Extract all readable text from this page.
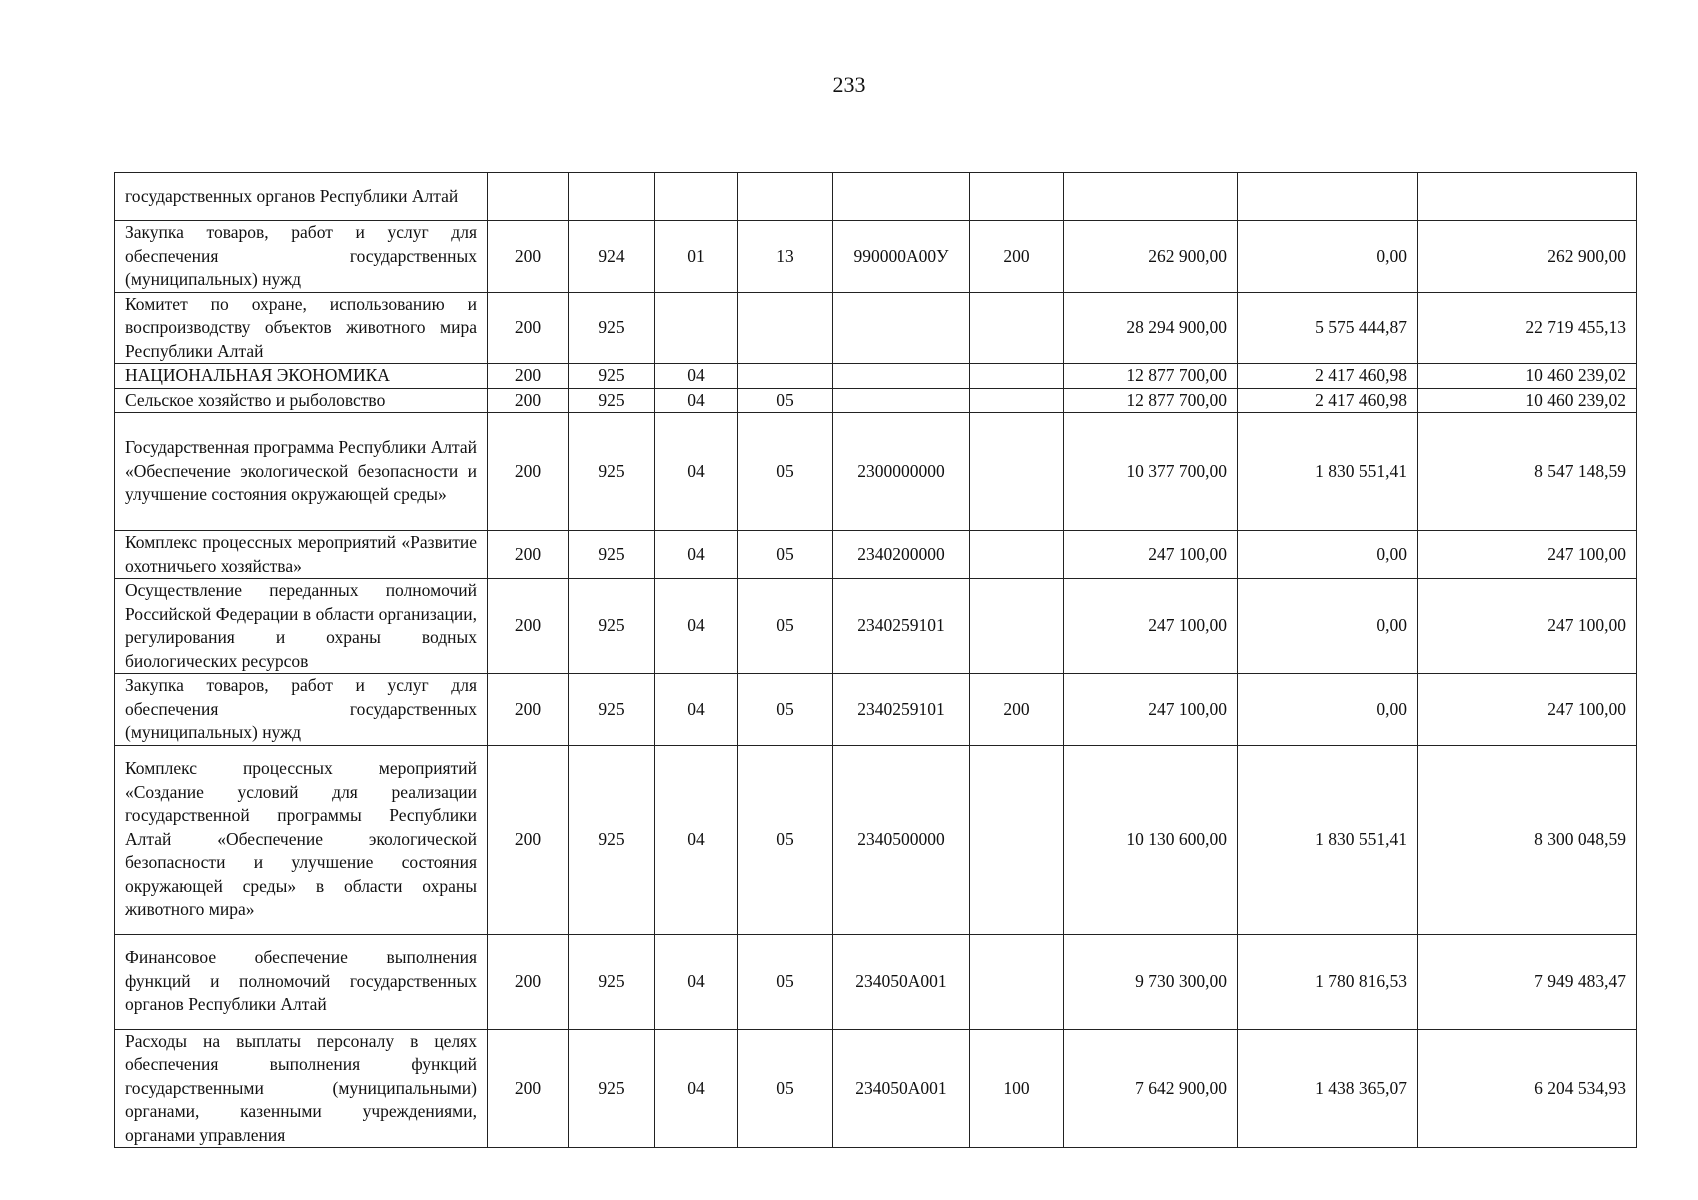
233
государственных органов Республики Алтай									
Закупка товаров, работ и услуг для обеспечения государственных (муниципальных) нужд	200	924	01	13	990000А00У	200	262 900,00	0,00	262 900,00
Комитет по охране, использованию и воспроизводству объектов животного мира Республики Алтай	200	925					28 294 900,00	5 575 444,87	22 719 455,13
НАЦИОНАЛЬНАЯ ЭКОНОМИКА	200	925	04				12 877 700,00	2 417 460,98	10 460 239,02
Сельское хозяйство и рыболовство	200	925	04	05			12 877 700,00	2 417 460,98	10 460 239,02
Государственная программа Республики Алтай «Обеспечение экологической безопасности и улучшение состояния окружающей среды»	200	925	04	05	2300000000		10 377 700,00	1 830 551,41	8 547 148,59
Комплекс процессных мероприятий «Развитие охотничьего хозяйства»	200	925	04	05	2340200000		247 100,00	0,00	247 100,00
Осуществление переданных полномочий Российской Федерации в области организации, регулирования и охраны водных биологических ресурсов	200	925	04	05	2340259101		247 100,00	0,00	247 100,00
Закупка товаров, работ и услуг для обеспечения государственных (муниципальных) нужд	200	925	04	05	2340259101	200	247 100,00	0,00	247 100,00
Комплекс процессных мероприятий «Создание условий для реализации государственной программы Республики Алтай «Обеспечение экологической безопасности и улучшение состояния окружающей среды» в области охраны животного мира»	200	925	04	05	2340500000		10 130 600,00	1 830 551,41	8 300 048,59
Финансовое обеспечение выполнения функций и полномочий государственных органов Республики Алтай	200	925	04	05	234050А001		9 730 300,00	1 780 816,53	7 949 483,47
Расходы на выплаты персоналу в целях обеспечения выполнения функций государственными (муниципальными) органами, казенными учреждениями, органами управления	200	925	04	05	234050А001	100	7 642 900,00	1 438 365,07	6 204 534,93
